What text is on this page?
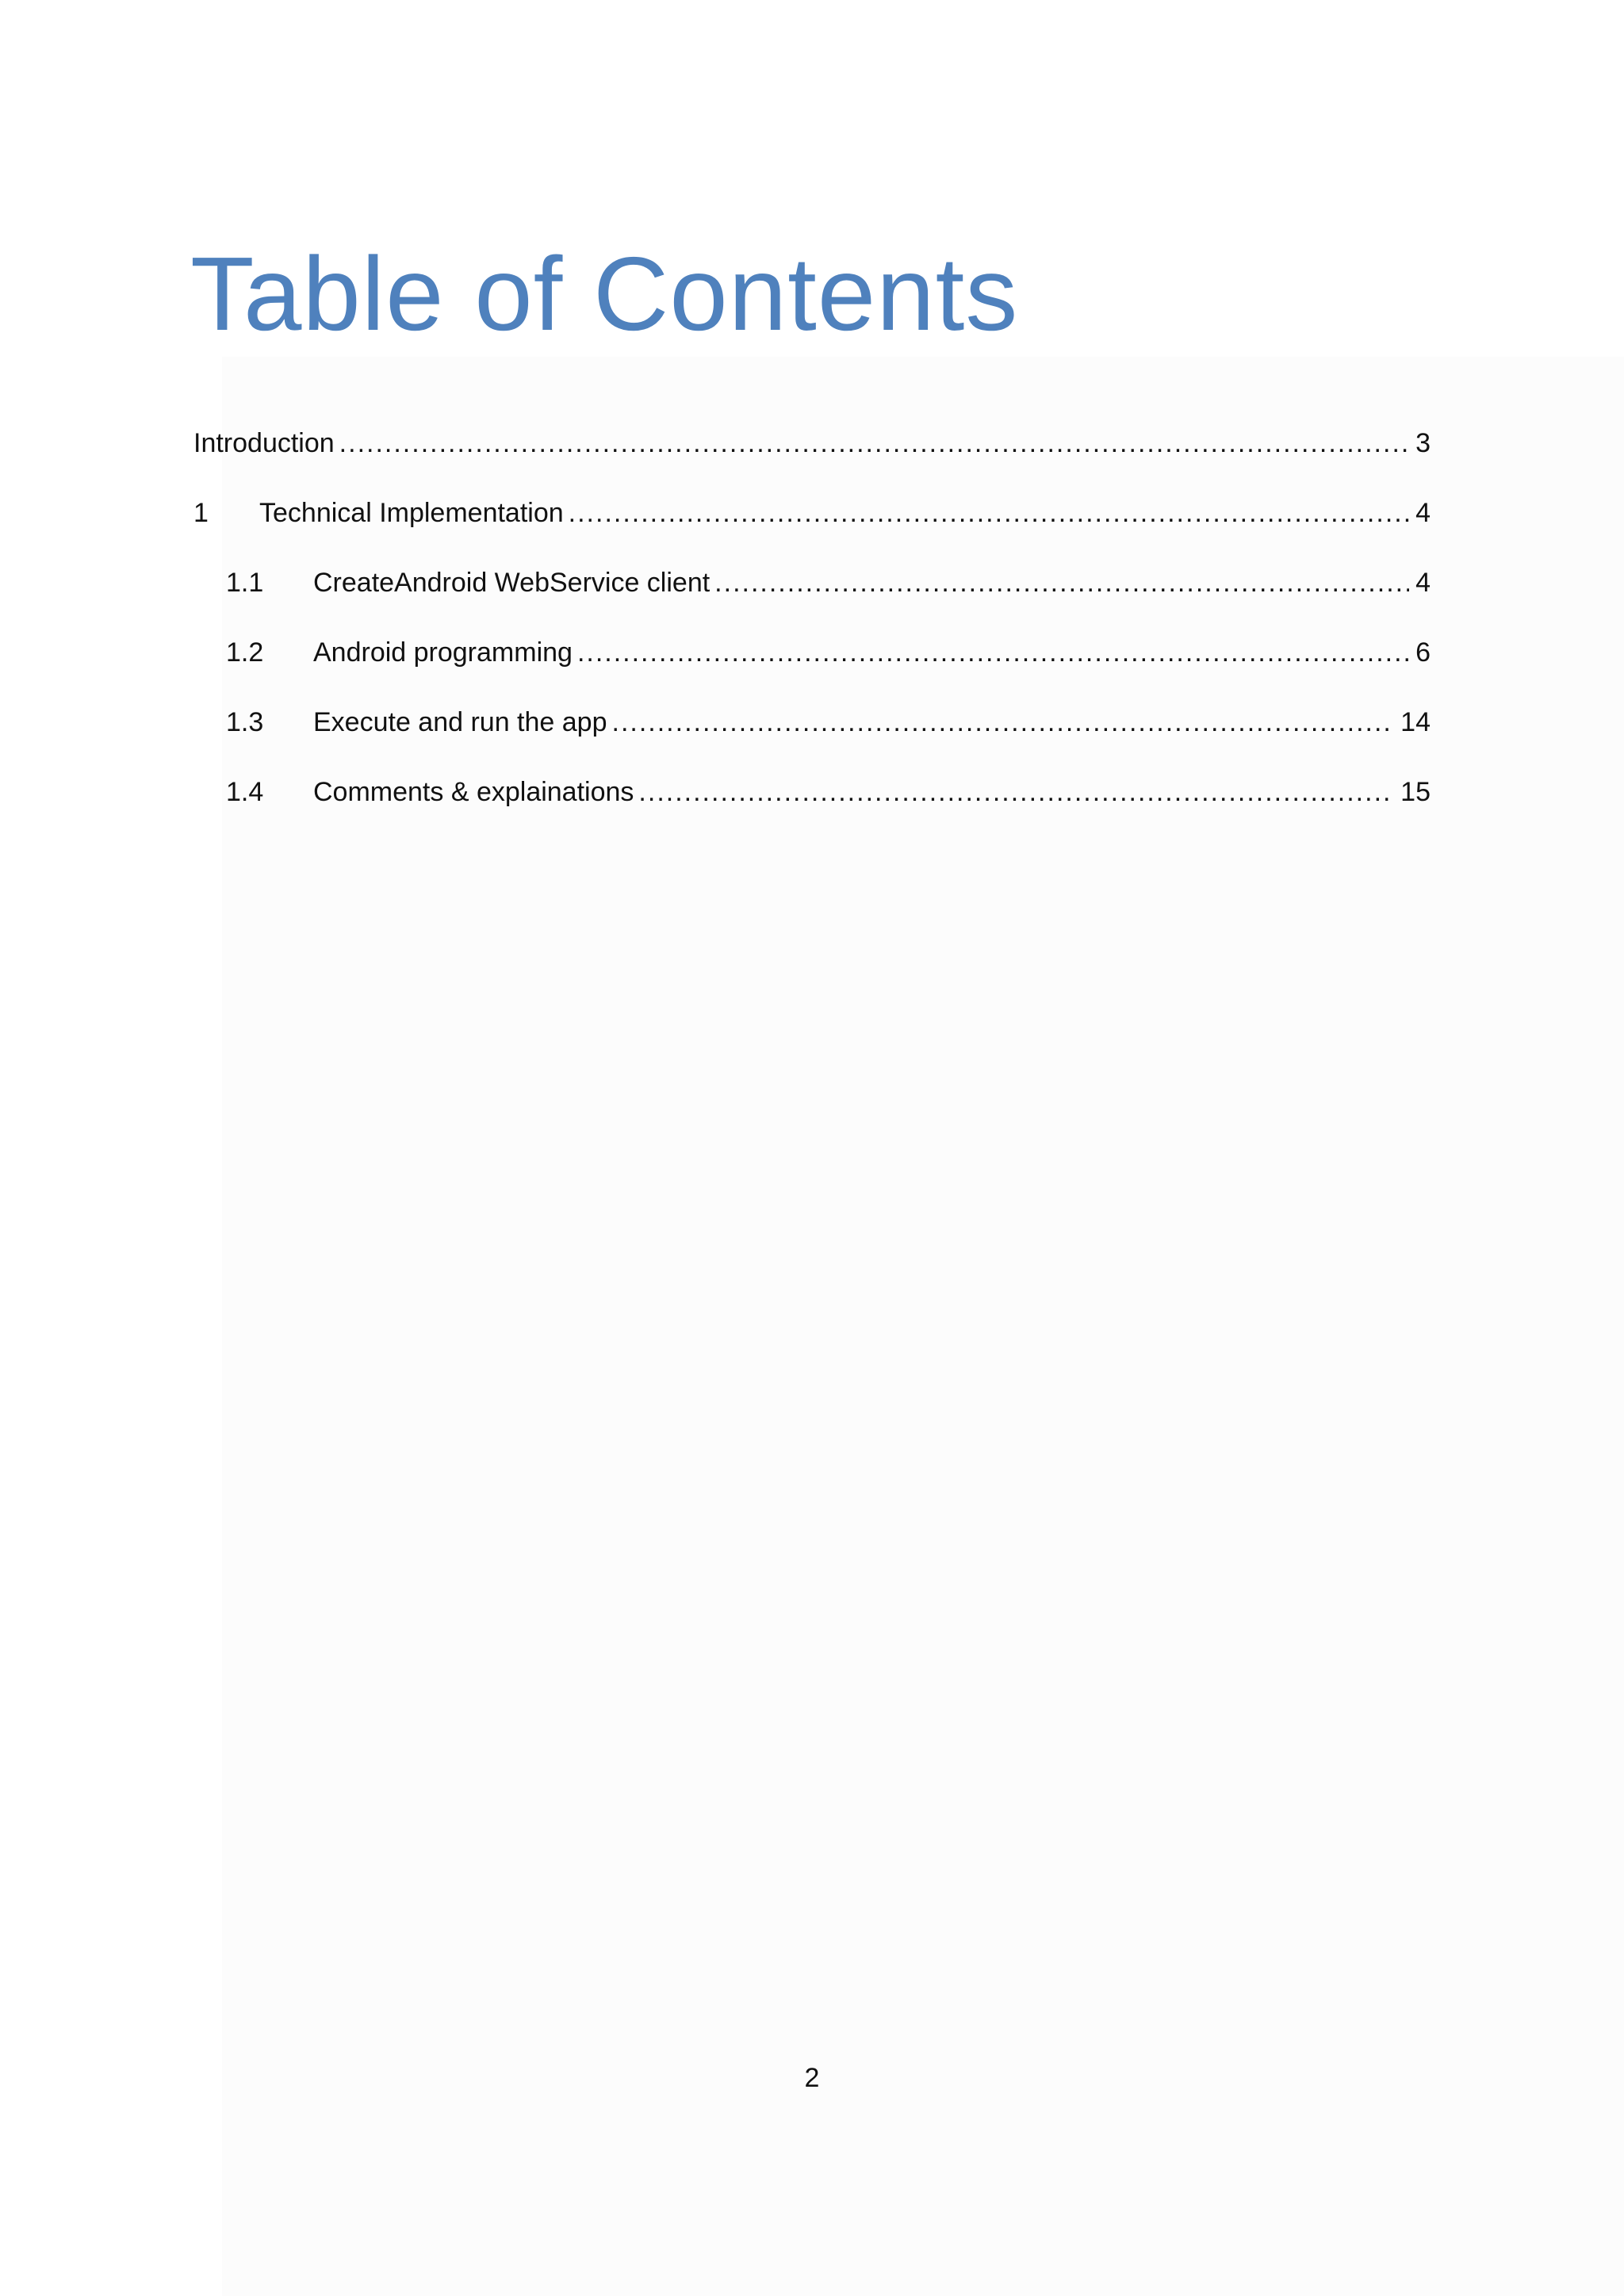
Table of Contents
Introduction .....	3
1	Technical Implementation .....	4
1.1	CreateAndroid WebService client .....	4
1.2	Android programming .....	6
1.3	Execute and run the app .....	14
1.4	Comments & explainations .....	15
2
